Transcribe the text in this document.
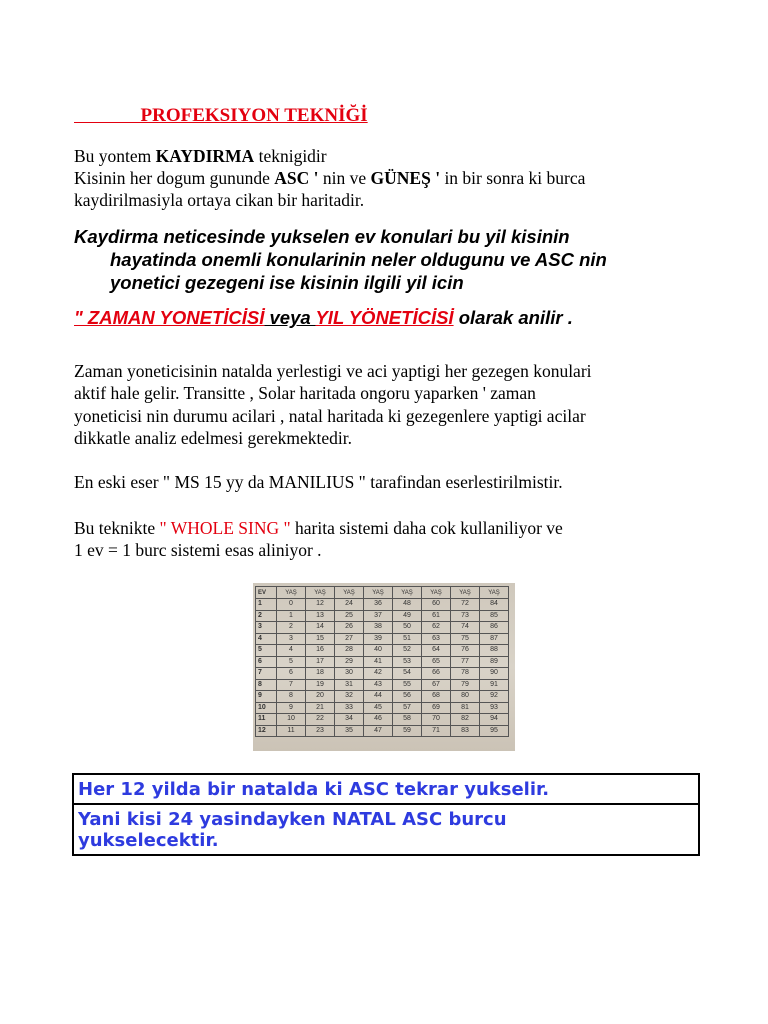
PROFEKSIYON TEKNİĞİ
Bu yontem KAYDIRMA teknigidir
Kisinin her dogum gununde ASC ' nin ve GÜNEŞ ' in bir sonra ki burca
kaydirilmasiyla ortaya cikan bir haritadir.
Kaydirma neticesinde yukselen ev konulari bu yil kisinin
hayatinda onemli konularinin neler oldugunu ve ASC nin
yonetici gezegeni ise kisinin ilgili yil icin
" ZAMAN YONETİCİSİ veya YIL YÖNETİCİSİ olarak anilir .
Zaman yoneticisinin natalda yerlestigi ve aci yaptigi her gezegen konulari
aktif hale gelir. Transitte , Solar haritada ongoru yaparken ' zaman
yoneticisi nin durumu acilari , natal haritada ki gezegenlere yaptigi acilar
dikkatle analiz edelmesi gerekmektedir.
En eski eser " MS 15 yy da MANILIUS " tarafindan eserlestirilmistir.
Bu teknikte " WHOLE SING " harita sistemi daha cok kullaniliyor ve
1 ev = 1 burc sistemi esas aliniyor .
EV	YAŞ	YAŞ	YAŞ	YAŞ	YAŞ	YAŞ	YAŞ	YAŞ
1	0	12	24	36	48	60	72	84
2	1	13	25	37	49	61	73	85
3	2	14	26	38	50	62	74	86
4	3	15	27	39	51	63	75	87
5	4	16	28	40	52	64	76	88
6	5	17	29	41	53	65	77	89
7	6	18	30	42	54	66	78	90
8	7	19	31	43	55	67	79	91
9	8	20	32	44	56	68	80	92
10	9	21	33	45	57	69	81	93
11	10	22	34	46	58	70	82	94
12	11	23	35	47	59	71	83	95
Her 12 yilda bir natalda ki ASC tekrar yukselir.
Yani kisi 24 yasindayken NATAL ASC burcu
yukselecektir.
